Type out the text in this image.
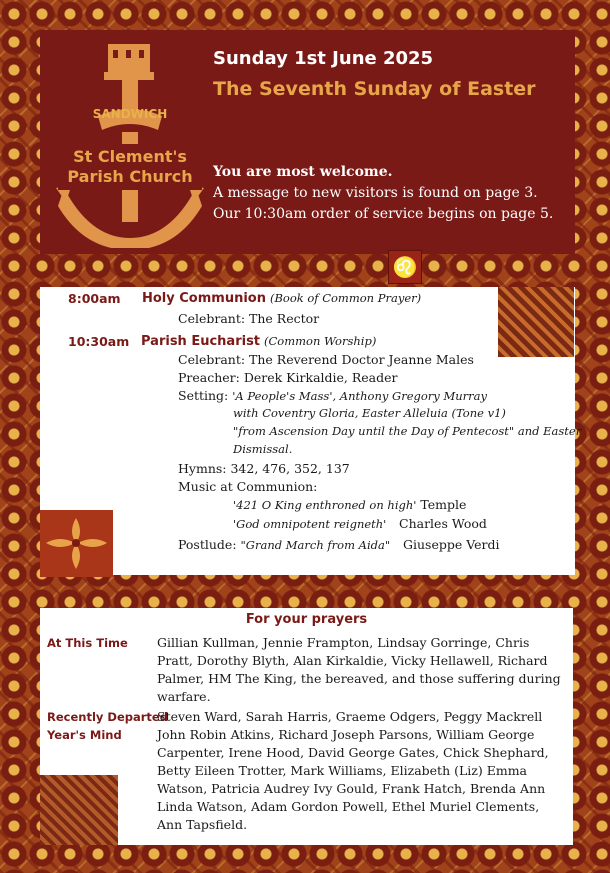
SANDWICH
St Clement's
Parish Church
Sunday 1st June 2025
The Seventh Sunday of Easter
You are most welcome.
A message to new visitors is found on page 3.
Our 10:30am order of service begins on page 5.
♌
8:00am Holy Communion (Book of Common Prayer)
Celebrant: The Rector
10:30am Parish Eucharist (Common Worship)
Celebrant: The Reverend Doctor Jeanne Males
Preacher: Derek Kirkaldie, Reader
Setting: 'A People's Mass', Anthony Gregory Murray
with Coventry Gloria, Easter Alleluia (Tone v1)
"from Ascension Day until the Day of Pentecost" and Easter
Dismissal.
Hymns: 342, 476, 352, 137
Music at Communion:
'421 O King enthroned on high' Temple
'God omnipotent reigneth' Charles Wood
Postlude: "Grand March from Aida" Giuseppe Verdi
For your prayers
At This Time Gillian Kullman, Jennie Frampton, Lindsay Gorringe, Chris Pratt, Dorothy Blyth, Alan Kirkaldie, Vicky Hellawell, Richard Palmer, HM The King, the bereaved, and those suffering during warfare.
Recently Departed
Year's Mind
Steven Ward, Sarah Harris, Graeme Odgers, Peggy Mackrell John Robin Atkins, Richard Joseph Parsons, William George Carpenter, Irene Hood, David George Gates, Chick Shephard, Betty Eileen Trotter, Mark Williams, Elizabeth (Liz) Emma Watson, Patricia Audrey Ivy Gould, Frank Hatch, Brenda Ann Linda Watson, Adam Gordon Powell, Ethel Muriel Clements, Ann Tapsfield.
